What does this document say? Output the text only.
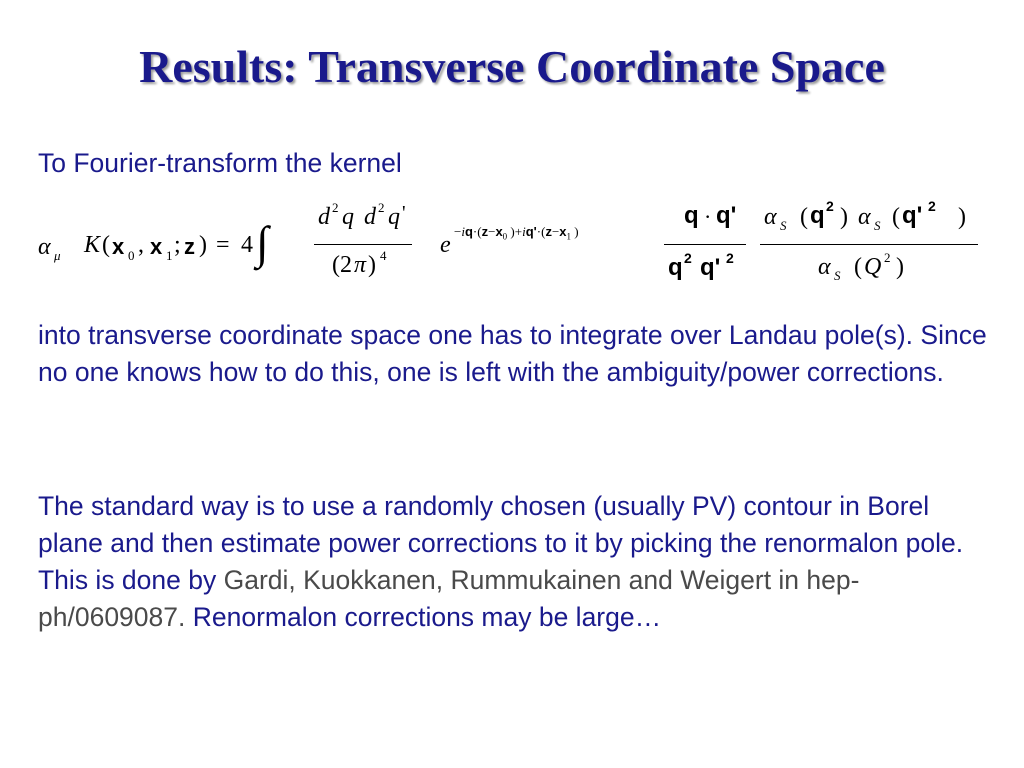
Results: Transverse Coordinate Space
To Fourier-transform the kernel
α μ K ( x 0 , x 1 ; z ) = 4 ∫ d 2 q d 2 q '
(2 π ) 4 e
$-iq\cdot(z-x_0$ )$+iq'\cdot(z-x_1$ )
q · q'
q 2 q' 2
α S ( q 2 ) α S ( q' 2 )
α S ( Q 2 )
into transverse coordinate space one has to integrate over Landau pole(s). Since no one knows how to do this, one is left with the ambiguity/power corrections.
The standard way is to use a randomly chosen (usually PV) contour in Borel plane and then estimate power corrections to it by picking the renormalon pole. This is done by Gardi, Kuokkanen, Rummukainen and Weigert in hep-ph/0609087. Renormalon corrections may be large…
